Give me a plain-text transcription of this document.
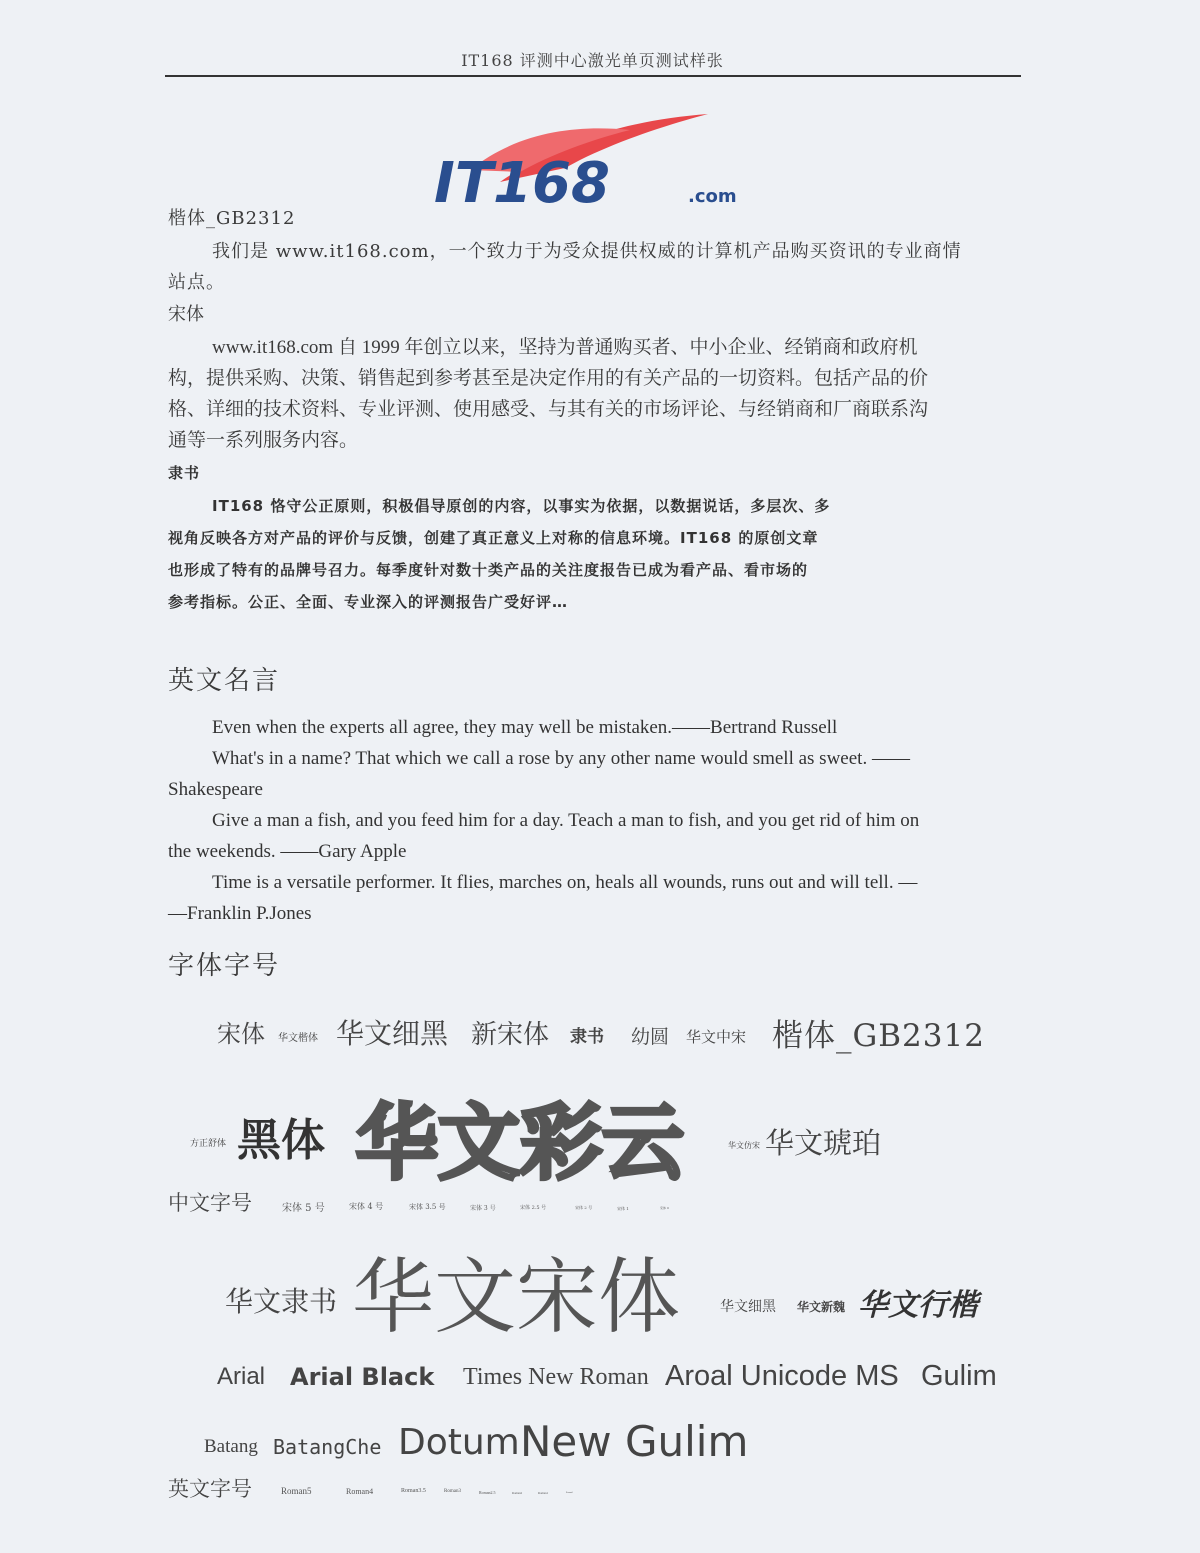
IT168 评测中心激光单页测试样张
IT168	.com
楷体_GB2312
我们是 www.it168.com，一个致力于为受众提供权威的计算机产品购买资讯的专业商情
站点。
宋体
www.it168.com 自 1999 年创立以来，坚持为普通购买者、中小企业、经销商和政府机
构，提供采购、决策、销售起到参考甚至是决定作用的有关产品的一切资料。包括产品的价
格、详细的技术资料、专业评测、使用感受、与其有关的市场评论、与经销商和厂商联系沟
通等一系列服务内容。
隶书
IT168 恪守公正原则，积极倡导原创的内容，以事实为依据，以数据说话，多层次、多
视角反映各方对产品的评价与反馈，创建了真正意义上对称的信息环境。IT168 的原创文章
也形成了特有的品牌号召力。每季度针对数十类产品的关注度报告已成为看产品、看市场的
参考指标。公正、全面、专业深入的评测报告广受好评…
英文名言
Even when the experts all agree, they may well be mistaken.——Bertrand Russell
What's in a name? That which we call a rose by any other name would smell as sweet. ——
Shakespeare
Give a man a fish, and you feed him for a day. Teach a man to fish, and you get rid of him on
the weekends. ——Gary Apple
Time is a versatile performer. It flies, marches on, heals all wounds, runs out and will tell. —
—Franklin P.Jones
字体字号
宋体 华文楷体 华文细黑 新宋体 隶书 幼圆 华文中宋 楷体_GB2312
方正舒体 黑体 华文彩云	华文仿宋 华文琥珀
中文字号	宋体 5 号	宋体 4 号	宋体 3.5 号	宋体 3 号	宋体 2.5 号	宋体 2 号	宋体 1	宋体 0
华文隶书 华文宋体	华文细黑 华文新魏 华文行楷
Arial Arial Black Times New Roman Aroal Unicode MS Gulim
Batang BatangChe Dotum New Gulim
英文字号	Roman5	Roman4	Roman3.5	Roman3	Roman2.5	Roman2	Roman1	Roman0
